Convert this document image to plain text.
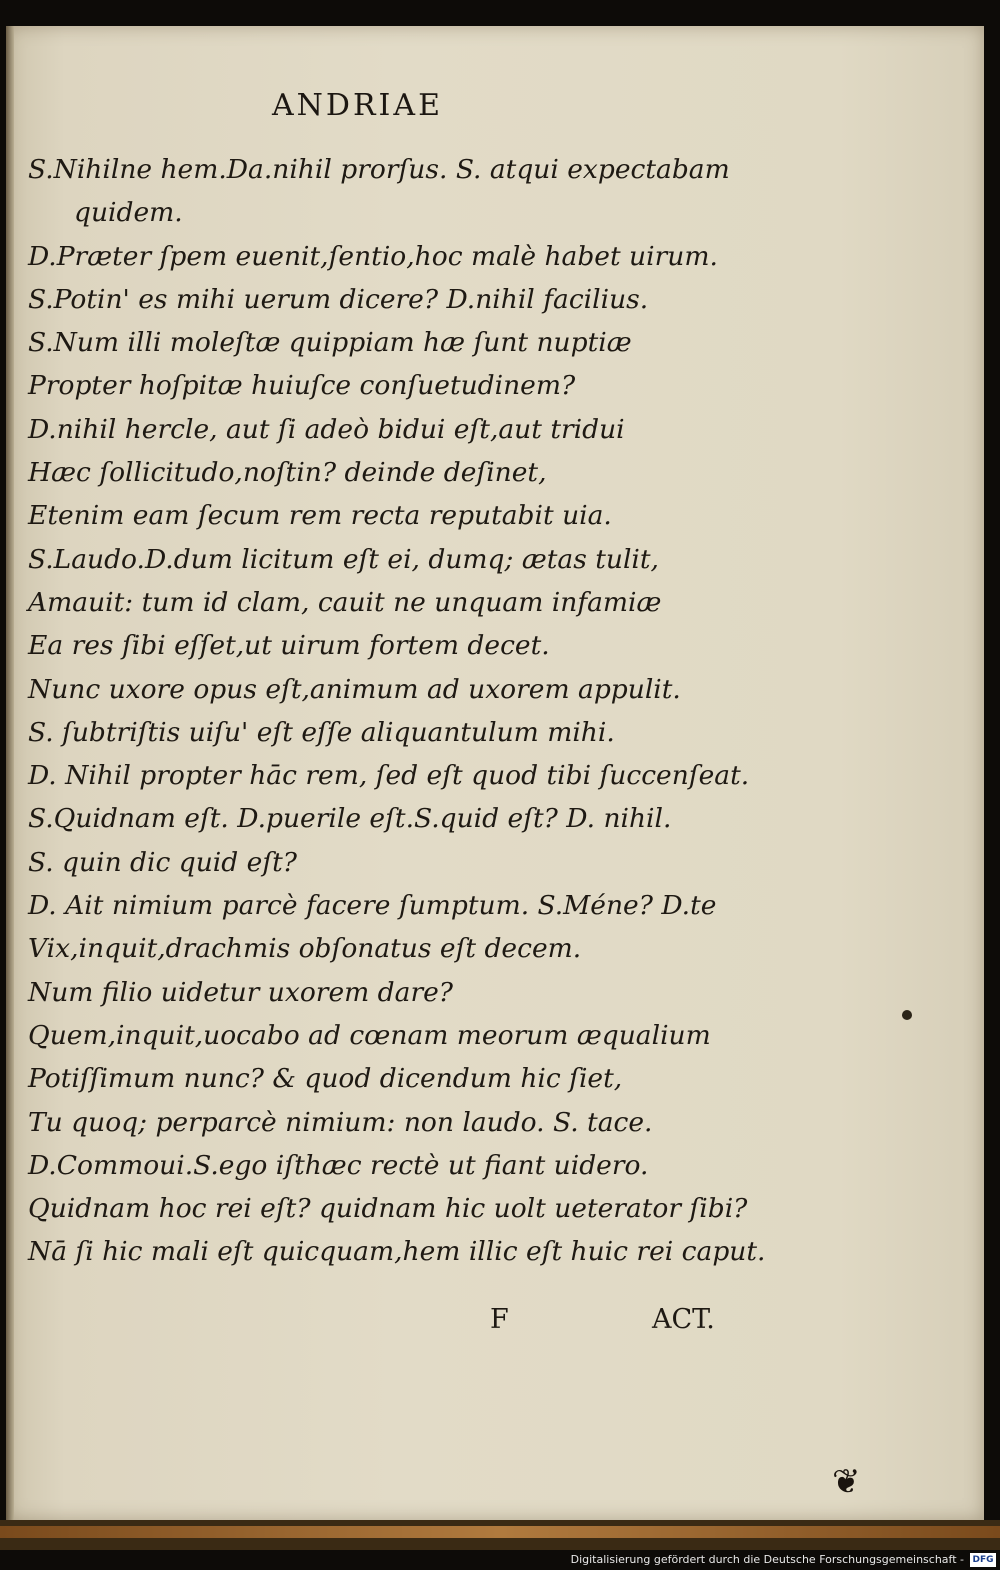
ANDRIAE
S.Nihilne hem.Da.nihil prorſus. S. atqui expectabam
quidem.
D.Præter ſpem euenit,ſentio,hoc malè habet uirum.
S.Potin' es mihi uerum dicere? D.nihil facilius.
S.Num illi moleſtæ quippiam hæ ſunt nuptiæ
Propter hoſpitæ huiuſce conſuetudinem?
D.nihil hercle, aut ſi adeò bidui eſt,aut tridui
Hæc ſollicitudo,noſtin? deinde deſinet,
Etenim eam ſecum rem recta reputabit uia.
S.Laudo.D.dum licitum eſt ei, dumq; ætas tulit,
Amauit: tum id clam, cauit ne unquam infamiæ
Ea res ſibi eſſet,ut uirum fortem decet.
Nunc uxore opus eſt,animum ad uxorem appulit.
S. ſubtriſtis uiſu' eſt eſſe aliquantulum mihi.
D. Nihil propter hāc rem, ſed eſt quod tibi ſuccenſeat.
S.Quidnam eſt. D.puerile eſt.S.quid eſt? D. nihil.
S. quin dic quid eſt?
D. Ait nimium parcè facere ſumptum. S.Méne? D.te
Vix,inquit,drachmis obſonatus eſt decem.
Num filio uidetur uxorem dare?
Quem,inquit,uocabo ad cœnam meorum æqualium
Potiſſimum nunc? & quod dicendum hic ſiet,
Tu quoq; perparcè nimium: non laudo. S. tace.
D.Commoui.S.ego iſthæc rectè ut fiant uidero.
Quidnam hoc rei eſt? quidnam hic uolt ueterator ſibi?
Nā ſi hic mali eſt quicquam,hem illic eſt huic rei caput.
F	ACT.
❦
Digitalisierung gefördert durch die Deutsche Forschungsgemeinschaft - DFG
